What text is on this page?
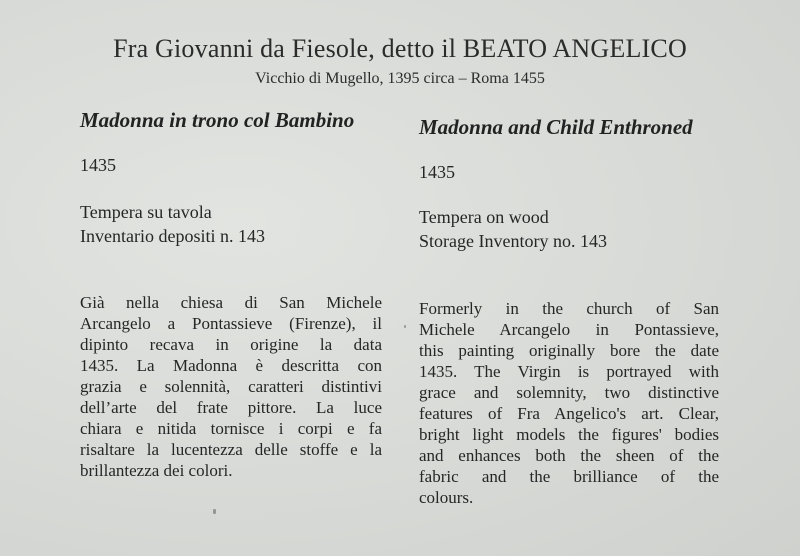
Fra Giovanni da Fiesole, detto il BEATO ANGELICO
Vicchio di Mugello, 1395 circa – Roma 1455
Madonna in trono col Bambino
1435
Tempera su tavola
Inventario depositi n. 143
Già nella chiesa di San Michele
Arcangelo a Pontassieve (Firenze), il
dipinto recava in origine la data
1435. La Madonna è descritta con
grazia e solennità, caratteri distintivi
dell’arte del frate pittore. La luce
chiara e nitida tornisce i corpi e fa
risaltare la lucentezza delle stoffe e la
brillantezza dei colori.
Madonna and Child Enthroned
1435
Tempera on wood
Storage Inventory no. 143
Formerly in the church of San
Michele Arcangelo in Pontassieve,
this painting originally bore the date
1435. The Virgin is portrayed with
grace and solemnity, two distinctive
features of Fra Angelico's art. Clear,
bright light models the figures' bodies
and enhances both the sheen of the
fabric and the brilliance of the
colours.
